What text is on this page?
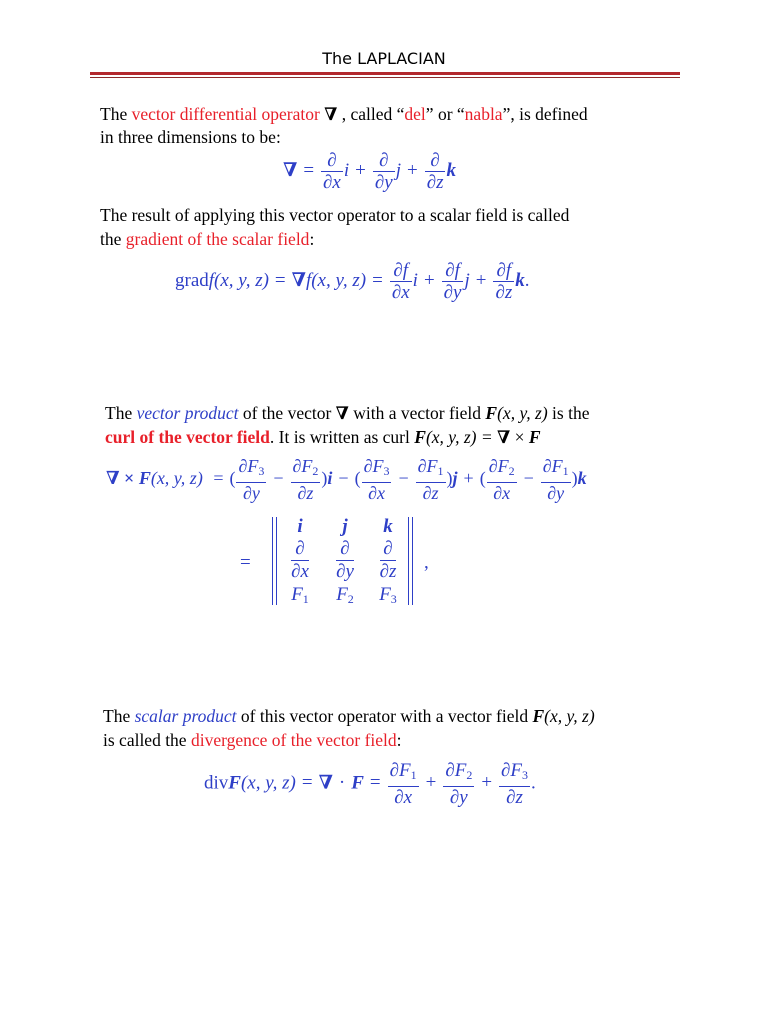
The LAPLACIAN
The vector differential operator ∇ , called “del” or “nabla”, is defined
in three dimensions to be:
∇ = $\frac{\partial}{\partial x}$ $i + \frac{\partial}{\partial y}$ $j + \frac{\partial}{\partial z}$ k
The result of applying this vector operator to a scalar field is called
the gradient of the scalar field:
gradf(x, y, z) = ∇f(x, y, $z) = \frac{\partial f}{\partial x}$ $i + \frac{\partial f}{\partial y}$ $j + \frac{\partial f}{\partial z} k$.
The vector product of the vector ∇ with a vector field F(x, y, z) is the
curl of the vector field. It is written as curl F(x, y, z) = ∇ × F
∇ × F(x, y, z) = ( $\frac{\partial F_3}{\partial y} - \frac{\partial F_2}{\partial z} )i$ − ( $\frac{\partial F_3}{\partial x} - \frac{\partial F_1}{\partial z} )j$ + ( $\frac{\partial F_2}{\partial x} - \frac{\partial F_1}{\partial y} )k$
=
i	j	k
$\frac{\partial}{\partial x} \frac{\partial}{\partial y} \frac{\partial}{\partial z}$
$F_1$	$F_2$	$F_3$
,
The scalar product of this vector operator with a vector field F(x, y, z)
is called the divergence of the vector field:
divF(x, y, z) = ∇ · $F = \frac{\partial F_1}{\partial x} + \frac{\partial F_2}{\partial y} + \frac{\partial F_3}{\partial z}$ .
